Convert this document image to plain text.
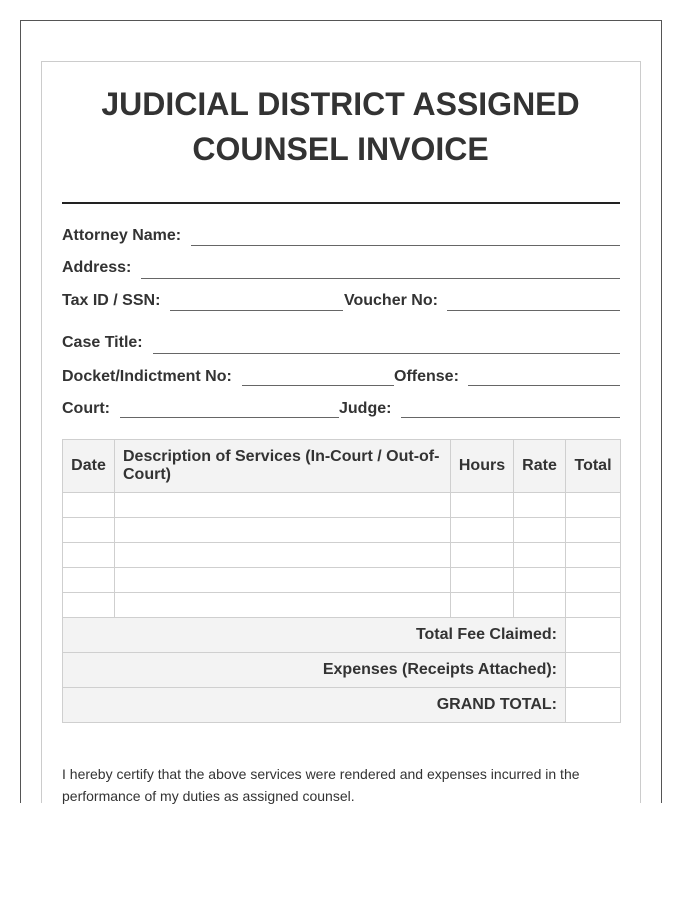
JUDICIAL DISTRICT ASSIGNED
COUNSEL INVOICE
Attorney Name:
Address:
Tax ID / SSN:	Voucher No:
Case Title:
Docket/Indictment No:	Offense:
Court:	Judge:
Date	Description of Services (In-Court / Out-of-Court)	Hours	Rate	Total

Total Fee Claimed:				
Expenses (Receipts Attached):				
GRAND TOTAL:				

I hereby certify that the above services were rendered and expenses incurred in the performance of my duties as assigned counsel.
